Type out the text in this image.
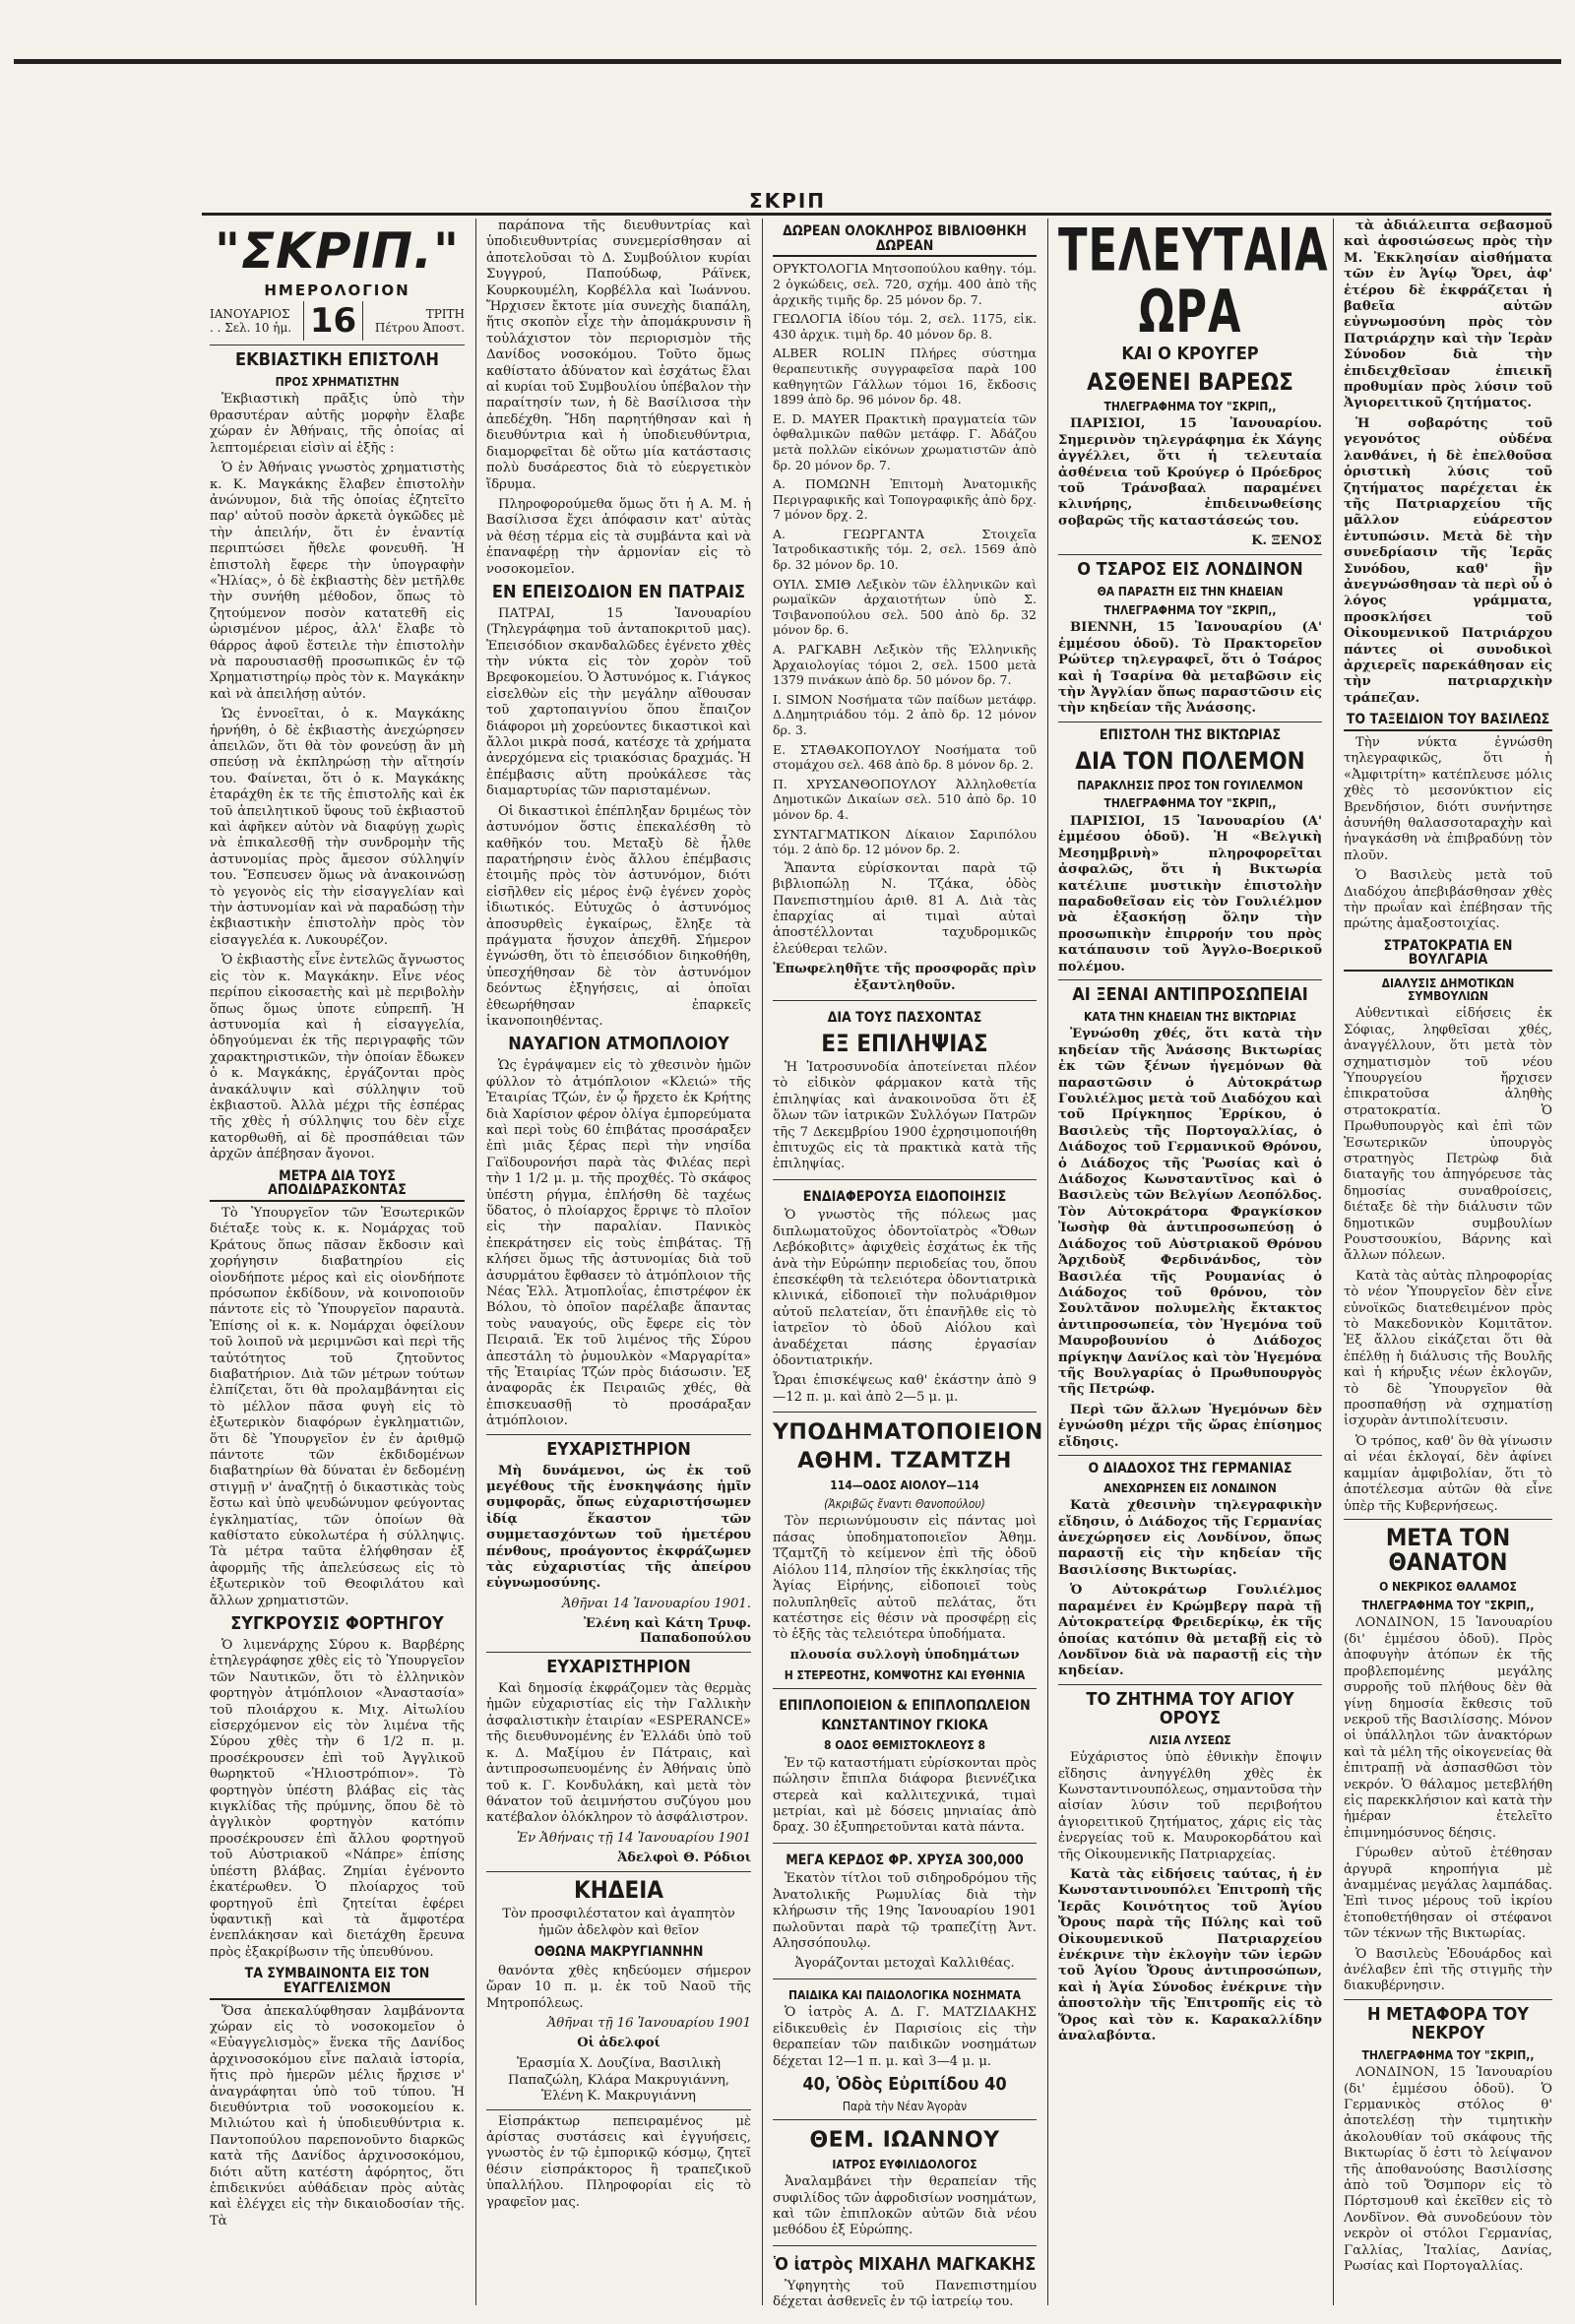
ΣΚΡΙΠ
"ΣΚΡΙΠ."
ΗΜΕΡΟΛΟΓΙΟΝ
ΙΑΝΟΥΑΡΙΟΣ
. . Σελ. 10 ἡμ. 16	ΤΡΙΤΗ
Πέτρου Ἀποστ.
ΕΚΒΙΑΣΤΙΚΗ ΕΠΙΣΤΟΛΗ
ΠΡΟΣ ΧΡΗΜΑΤΙΣΤΗΝ

Ἐκβιαστικὴ πρᾶξις ὑπὸ τὴν θρασυτέραν αὐτῆς μορφὴν ἔλαβε χώραν ἐν Ἀθήναις, τῆς ὁποίας αἱ λεπτομέρειαι εἰσὶν αἱ ἑξῆς :

Ὁ ἐν Ἀθήναις γνωστὸς χρηματιστὴς κ. Κ. Μαγκάκης ἔλαβεν ἐπιστολὴν ἀνώνυμον, διὰ τῆς ὁποίας ἐζητεῖτο παρ' αὐτοῦ ποσὸν ἀρκετὰ ὀγκῶδες μὲ τὴν ἀπειλήν, ὅτι ἐν ἐναντίᾳ περιπτώσει ἤθελε φονευθῆ. Ἡ ἐπιστολὴ ἔφερε τὴν ὑπογραφὴν «Ἠλίας», ὁ δὲ ἐκβιαστὴς δὲν μετῆλθε τὴν συνήθη μέθοδον, ὅπως τὸ ζητούμενον ποσὸν κατατεθῆ εἰς ὡρισμένον μέρος, ἀλλ' ἔλαβε τὸ θάρρος ἀφοῦ ἔστειλε τὴν ἐπιστολὴν νὰ παρουσιασθῇ προσωπικῶς ἐν τῷ Χρηματιστηρίῳ πρὸς τὸν κ. Μαγκάκην καὶ νὰ ἀπειλήσῃ αὐτόν.

Ὡς ἐννοεῖται, ὁ κ. Μαγκάκης ἠρνήθη, ὁ δὲ ἐκβιαστὴς ἀνεχώρησεν ἀπειλῶν, ὅτι θὰ τὸν φονεύσῃ ἂν μὴ σπεύσῃ νὰ ἐκπληρώσῃ τὴν αἴτησίν του. Φαίνεται, ὅτι ὁ κ. Μαγκάκης ἐταράχθη ἐκ τε τῆς ἐπιστολῆς καὶ ἐκ τοῦ ἀπειλητικοῦ ὕφους τοῦ ἐκβιαστοῦ καὶ ἀφῆκεν αὐτὸν νὰ διαφύγῃ χωρὶς νὰ ἐπικαλεσθῇ τὴν συνδρομὴν τῆς ἀστυνομίας πρὸς ἄμεσον σύλληψίν του. Ἔσπευσεν ὅμως νὰ ἀνακοινώσῃ τὸ γεγονὸς εἰς τὴν εἰσαγγελίαν καὶ τὴν ἀστυνομίαν καὶ νὰ παραδώσῃ τὴν ἐκβιαστικὴν ἐπιστολὴν πρὸς τὸν εἰσαγγελέα κ. Λυκουρέζον.

Ὁ ἐκβιαστὴς εἶνε ἐντελῶς ἄγνωστος εἰς τὸν κ. Μαγκάκην. Εἶνε νέος περίπου εἰκοσαετὴς καὶ μὲ περιβολὴν ὅπως ὅμως ὑποτε εὐπρεπῆ. Ἡ ἀστυνομία καὶ ἡ εἰσαγγελία, ὁδηγούμεναι ἐκ τῆς περιγραφῆς τῶν χαρακτηριστικῶν, τὴν ὁποίαν ἔδωκεν ὁ κ. Μαγκάκης, ἐργάζονται πρὸς ἀνακάλυψιν καὶ σύλληψιν τοῦ ἐκβιαστοῦ. Ἀλλὰ μέχρι τῆς ἑσπέρας τῆς χθὲς ἡ σύλληψις του δὲν εἶχε κατορθωθῆ, αἱ δὲ προσπάθειαι τῶν ἀρχῶν ἀπέβησαν ἄγονοι.

ΜΕΤΡΑ ΔΙΑ ΤΟΥΣ ΑΠΟΔΙΔΡΑΣΚΟΝΤΑΣ

Τὸ Ὑπουργεῖον τῶν Ἐσωτερικῶν διέταξε τοὺς κ. κ. Νομάρχας τοῦ Κράτους ὅπως πᾶσαν ἔκδοσιν καὶ χορήγησιν διαβατηρίου εἰς οἱονδήποτε μέρος καὶ εἰς οἱονδήποτε πρόσωπον ἐκδίδουν, νὰ κοινοποιοῦν πάντοτε εἰς τὸ Ὑπουργεῖον παραυτὰ. Ἐπίσης οἱ κ. κ. Νομάρχαι ὀφείλουν τοῦ λοιποῦ νὰ μεριμνῶσι καὶ περὶ τῆς ταὐτότητος τοῦ ζητοῦντος διαβατήριον. Διὰ τῶν μέτρων τούτων ἐλπίζεται, ὅτι θὰ προλαμβάνηται εἰς τὸ μέλλον πᾶσα φυγὴ εἰς τὸ ἐξωτερικὸν διαφόρων ἐγκληματιῶν, ὅτι δὲ Ὑπουργεῖον ἐν ἐν ἀριθμῷ πάντοτε τῶν ἐκδιδομένων διαβατηρίων θὰ δύναται ἐν δεδομένῃ στιγμῇ ν' ἀναζητῇ ὁ δικαστικὰς τοὺς ἔστω καὶ ὑπὸ ψευδώνυμον φεύγοντας ἐγκληματίας, τῶν ὁποίων θὰ καθίστατο εὐκολωτέρα ἡ σύλληψις. Τὰ μέτρα ταῦτα ἐλήφθησαν ἐξ ἀφορμῆς τῆς ἀπελεύσεως εἰς τὸ ἐξωτερικὸν τοῦ Θεοφιλάτου καὶ ἄλλων χρηματιστῶν.

ΣΥΓΚΡΟΥΣΙΣ ΦΟΡΤΗΓΟΥ

Ὁ λιμενάρχης Σύρου κ. Βαρβέρης ἐτηλεγράφησε χθὲς εἰς τὸ Ὑπουργεῖον τῶν Ναυτικῶν, ὅτι τὸ ἑλληνικὸν φορτηγὸν ἀτμόπλοιον «Ἀναστασία» τοῦ πλοιάρχου κ. Μιχ. Αἰτωλίου εἰσερχόμενον εἰς τὸν λιμένα τῆς Σύρου χθὲς τὴν 6 1/2 π. μ. προσέκρουσεν ἐπὶ τοῦ Ἀγγλικοῦ θωρηκτοῦ «Ἠλιοστρόπιον». Τὸ φορτηγὸν ὑπέστη βλάβας εἰς τὰς κιγκλίδας τῆς πρύμνης, ὅπου δὲ τὸ ἀγγλικὸν φορτηγὸν κατόπιν προσέκρουσεν ἐπὶ ἄλλου φορτηγοῦ τοῦ Αὐστριακοῦ «Νάπρε» ἐπίσης ὑπέστη βλάβας. Ζημίαι ἐγένοντο ἑκατέρωθεν. Ὁ πλοίαρχος τοῦ φορτηγοῦ ἐπὶ ζητείται ἐφέρει ὑφαντικῇ καὶ τὰ ἄμφοτέρα ἐνεπλάκησαν καὶ διετάχθη ἔρευνα πρὸς ἐξακρίβωσιν τῆς ὑπευθύνου.

ΤΑ ΣΥΜΒΑΙΝΟΝΤΑ ΕΙΣ ΤΟΝ ΕΥΑΓΓΕΛΙΣΜΟΝ

Ὅσα ἀπεκαλύφθησαν λαμβάνοντα χώραν εἰς τὸ νοσοκομεῖον ὁ «Εὐαγγελισμὸς» ἕνεκα τῆς Δανίδος ἀρχινοσοκόμου εἶνε παλαιὰ ἱστορία, ἥτις πρὸ ἡμερῶν μέλις ἤρχισε ν' ἀναγράφηται ὑπὸ τοῦ τύπου. Ἡ διευθύντρια τοῦ νοσοκομείου κ. Μιλιώτου καὶ ἡ ὑποδιευθύντρια κ. Παντοπούλου παρεπονοῦντο διαρκῶς κατὰ τῆς Δανίδος ἀρχινοσοκόμου, διότι αὕτη κατέστη ἀφόρητος, ὅτι ἐπιδεικνύει αὐθάδειαν πρὸς αὐτὰς καὶ ἐλέγχει εἰς τὴν δικαιοδοσίαν τῆς. Τὰ

παράπονα τῆς διευθυντρίας καὶ ὑποδιευθυντρίας συνεμερίσθησαν αἱ ἀποτελοῦσαι τὸ Δ. Συμβούλιον κυρίαι Συγγρού, Παπούδωφ, Ράϊνεκ, Κουρκουμέλη, Κορβέλλα καὶ Ἰωάννου. Ἤρχισεν ἔκτοτε μία συνεχὴς διαπάλη, ἥτις σκοπὸν εἶχε τὴν ἀπομάκρυνσιν ἢ τοὐλάχιστον τὸν περιορισμὸν τῆς Δανίδος νοσοκόμου. Τοῦτο ὅμως καθίστατο ἀδύνατον καὶ ἐσχάτως ἔλαι αἱ κυρίαι τοῦ Συμβουλίου ὑπέβαλον τὴν παραίτησίν των, ἡ δὲ Βασίλισσα τὴν ἀπεδέχθη. Ἤδη παρητήθησαν καὶ ἡ διευθύντρια καὶ ἡ ὑποδιευθύντρια, διαμορφεῖται δὲ οὕτω μία κατάστασις πολὺ δυσάρεστος διὰ τὸ εὐεργετικὸν ἵδρυμα.

Πληροφορούμεθα ὅμως ὅτι ἡ Α. Μ. ἡ Βασίλισσα ἔχει ἀπόφασιν κατ' αὐτὰς νὰ θέσῃ τέρμα εἰς τὰ συμβάντα καὶ νὰ ἐπαναφέρῃ τὴν ἁρμονίαν εἰς τὸ νοσοκομεῖον.

ΕΝ ΕΠΕΙΣΟΔΙΟΝ ΕΝ ΠΑΤΡΑΙΣ

ΠΑΤΡΑΙ, 15 Ἰανουαρίου (Τηλεγράφημα τοῦ ἀνταποκριτοῦ μας). Ἐπεισόδιον σκανδαλῶδες ἐγένετο χθὲς τὴν νύκτα εἰς τὸν χορὸν τοῦ Βρεφοκομείου. Ὁ Ἀστυνόμος κ. Γιάγκος εἰσελθὼν εἰς τὴν μεγάλην αἴθουσαν τοῦ χαρτοπαιγνίου ὅπου ἔπαιζον διάφοροι μὴ χορεύοντες δικαστικοὶ καὶ ἄλλοι μικρὰ ποσά, κατέσχε τὰ χρήματα ἀνερχόμενα εἰς τριακόσιας δραχμάς. Ἡ ἐπέμβασις αὕτη προὐκάλεσε τὰς διαμαρτυρίας τῶν παρισταμένων.

Οἱ δικαστικοὶ ἐπέπληξαν δριμέως τὸν ἀστυνόμον ὅστις ἐπεκαλέσθη τὸ καθῆκόν του. Μεταξὺ δὲ ἦλθε παρατήρησιν ἐνὸς ἄλλου ἐπέμβασις ἐτοιμῆς πρὸς τὸν ἀστυνόμον, διότι εἰσῆλθεν εἰς μέρος ἐνῷ ἐγένεν χορὸς ἰδιωτικός. Εὐτυχῶς ὁ ἀστυνόμος ἀποσυρθεὶς ἐγκαίρως, ἔληξε τὰ πράγματα ἥσυχον ἀπεχθῆ. Σήμερον ἐγνώσθη, ὅτι τὸ ἐπεισόδιον διηκοθήθη, ὑπεσχήθησαν δὲ τὸν ἀστυνόμον δεόντως ἐξηγήσεις, αἱ ὁποῖαι ἐθεωρήθησαν ἐπαρκεῖς ἱκανοποιηθέντας.

ΝΑΥΑΓΙΟΝ ΑΤΜΟΠΛΟΙΟΥ

Ὡς ἐγράψαμεν εἰς τὸ χθεσινὸν ἡμῶν φύλλον τὸ ἀτμόπλοιον «Κλειώ» τῆς Ἑταιρίας Τζών, ἐν ᾧ ἤρχετο ἐκ Κρήτης διὰ Χαρίσιον φέρον ὀλίγα ἐμπορεύματα καὶ περὶ τοὺς 60 ἐπιβάτας προσάραξεν ἐπὶ μιᾶς ξέρας περὶ τὴν νησίδα Γαϊδουρονήσι παρὰ τὰς Φιλέας περὶ τὴν 1 1/2 μ. μ. τῆς προχθές. Τὸ σκάφος ὑπέστη ρήγμα, ἐπλήσθη δὲ ταχέως ὕδατος, ὁ πλοίαρχος ἔρριψε τὸ πλοῖον εἰς τὴν παραλίαν. Πανικὸς ἐπεκράτησεν εἰς τοὺς ἐπιβάτας. Τῇ κλήσει ὅμως τῆς ἀστυνομίας διὰ τοῦ ἀσυρμάτου ἔφθασεν τὸ ἀτμόπλοιον τῆς Νέας Ἑλλ. Ἀτμοπλοΐας, ἐπιστρέφον ἐκ Βόλου, τὸ ὁποῖον παρέλαβε ἅπαντας τοὺς ναυαγούς, οὓς ἔφερε εἰς τὸν Πειραιᾶ. Ἐκ τοῦ λιμένος τῆς Σύρου ἀπεστάλη τὸ ῥυμουλκὸν «Μαργαρίτα» τῆς Ἑταιρίας Τζών πρὸς διάσωσιν. Ἐξ ἀναφορᾶς ἐκ Πειραιῶς χθές, θὰ ἐπισκευασθῇ τὸ προσάραξαν ἀτμόπλοιον.

ΕΥΧΑΡΙΣΤΗΡΙΟΝ

Μὴ δυνάμενοι, ὡς ἐκ τοῦ μεγέθους τῆς ἐνσκηψάσης ἡμῖν συμφορᾶς, ὅπως εὐχαριστήσωμεν ἰδίᾳ ἕκαστον τῶν συμμετασχόντων τοῦ ἡμετέρου πένθους, προάγοντος ἐκφράζωμεν τὰς εὐχαριστίας τῆς ἀπείρου εὐγνωμοσύνης.

Ἀθῆναι 14 Ἰανουαρίου 1901.

Ἑλένη καὶ Κάτη Τρυφ. Παπαδοπούλου
ΕΥΧΑΡΙΣΤΗΡΙΟΝ

Καὶ δημοσίᾳ ἐκφράζομεν τὰς θερμὰς ἡμῶν εὐχαριστίας εἰς τὴν Γαλλικὴν ἀσφαλιστικὴν ἑταιρίαν «ESPERANCE» τῆς διευθυνομένης ἐν Ἑλλάδι ὑπὸ τοῦ κ. Δ. Μαξίμου ἐν Πάτραις, καὶ ἀντιπροσωπευομένης ἐν Ἀθήναις ὑπὸ τοῦ κ. Γ. Κονδυλάκη, καὶ μετὰ τὸν θάνατον τοῦ ἀειμνήστου συζύγου μου κατέβαλον ὁλόκληρον τὸ ἀσφάλιστρον.

Ἐν Ἀθήναις τῇ 14 Ἰανουαρίου 1901

Ἀδελφοὶ Θ. Ρόδιοι
ΚΗΔΕΙΑ

Τὸν προσφιλέστατον καὶ ἀγαπητὸν ἡμῶν ἀδελφὸν καὶ θεῖον

ΟΘΩΝΑ ΜΑΚΡΥΓΙΑΝΝΗΝ

θανόντα χθὲς κηδεύομεν σήμερον ὥραν 10 π. μ. ἐκ τοῦ Ναοῦ τῆς Μητροπόλεως.

Ἀθῆναι τῇ 16 Ἰανουαρίου 1901

Οἱ ἀδελφοί

Ἐρασμία Χ. Δουζίνα, Βασιλικὴ Παπαζώλη, Κλάρα Μακρυγιάννη, Ἑλένη Κ. Μακρυγιάννη

Εἰσπράκτωρ πεπειραμένος μὲ ἀρίστας συστάσεις καὶ ἐγγυήσεις, γνωστὸς ἐν τῷ ἐμπορικῷ κόσμῳ, ζητεῖ θέσιν εἰσπράκτορος ἢ τραπεζικοῦ ὑπαλλήλου. Πληροφορίαι εἰς τὸ γραφεῖον μας.

ΔΩΡΕΑΝ ΟΛΟΚΛΗΡΟΣ ΒΙΒΛΙΟΘΗΚΗ ΔΩΡΕΑΝ

ΟΡΥΚΤΟΛΟΓΙΑ Μητσοπούλου καθηγ. τόμ. 2 ὀγκώδεις, σελ. 720, σχήμ. 400 ἀπὸ τῆς ἀρχικῆς τιμῆς δρ. 25 μόνον δρ. 7.

ΓΕΩΛΟΓΙΑ ἰδίου τόμ. 2, σελ. 1175, εἰκ. 430 ἀρχικ. τιμὴ δρ. 40 μόνον δρ. 8.

ALBER ROLIN Πλήρες σύστημα θεραπευτικῆς συγγραφεῖσα παρὰ 100 καθηγητῶν Γάλλων τόμοι 16, ἔκδοσις 1899 ἀπὸ δρ. 96 μόνον δρ. 48.

E. D. MAYER Πρακτικὴ πραγματεία τῶν ὀφθαλμικῶν παθῶν μετάφρ. Γ. Ἀδάζου μετὰ πολλῶν εἰκόνων χρωματιστῶν ἀπὸ δρ. 20 μόνον δρ. 7.

Α. ΠΟΜΩΝΗ Ἐπιτομὴ Ἀνατομικῆς Περιγραφικῆς καὶ Τοπογραφικῆς ἀπὸ δρχ. 7 μόνον δρχ. 2.

Α. ΓΕΩΡΓΑΝΤΑ Στοιχεῖα Ἰατροδικαστικῆς τόμ. 2, σελ. 1569 ἀπὸ δρ. 32 μόνον δρ. 10.

ΟΥΙΛ. ΣΜΙΘ Λεξικὸν τῶν ἑλληνικῶν καὶ ρωμαϊκῶν ἀρχαιοτήτων ὑπὸ Σ. Τσιβανοπούλου σελ. 500 ἀπὸ δρ. 32 μόνον δρ. 6.

Α. ΡΑΓΚΑΒΗ Λεξικὸν τῆς Ἑλληνικῆς Ἀρχαιολογίας τόμοι 2, σελ. 1500 μετὰ 1379 πινάκων ἀπὸ δρ. 50 μόνον δρ. 7.

I. SIMON Νοσήματα τῶν παίδων μετάφρ. Δ.Δημητριάδου τόμ. 2 ἀπὸ δρ. 12 μόνον δρ. 3.

Ε. ΣΤΑΘΑΚΟΠΟΥΛΟΥ Νοσήματα τοῦ στομάχου σελ. 468 ἀπὸ δρ. 8 μόνον δρ. 2.

Π. ΧΡΥΣΑΝΘΟΠΟΥΛΟΥ Ἀλληλοθετία Δημοτικῶν Δικαίων σελ. 510 ἀπὸ δρ. 10 μόνον δρ. 4.

ΣΥΝΤΑΓΜΑΤΙΚΟΝ Δίκαιον Σαριπόλου τόμ. 2 ἀπὸ δρ. 12 μόνον δρ. 2.

Ἅπαντα εὑρίσκονται παρὰ τῷ βιβλιοπώλῃ Ν. Τζάκα, ὁδὸς Πανεπιστημίου ἀριθ. 81 Α. Διὰ τὰς ἐπαρχίας αἱ τιμαὶ αὐταὶ ἀποστέλλονται ταχυδρομικῶς ἐλεύθεραι τελῶν.

Ἐπωφεληθῆτε τῆς προσφορᾶς πρὶν ἐξαντληθοῦν.

ΔΙΑ ΤΟΥΣ ΠΑΣΧΟΝΤΑΣ
ΕΞ ΕΠΙΛΗΨΙΑΣ

Ἡ Ἰατροσυνοδία ἀποτείνεται πλέον τὸ εἰδικὸν φάρμακον κατὰ τῆς ἐπιληψίας καὶ ἀνακοινοῦσα ὅτι ἐξ ὅλων τῶν ἰατρικῶν Συλλόγων Πατρῶν τῆς 7 Δεκεμβρίου 1900 ἐχρησιμοποιήθη ἐπιτυχῶς εἰς τὰ πρακτικὰ κατὰ τῆς ἐπιληψίας.

ΕΝΔΙΑΦΕΡΟΥΣΑ ΕΙΔΟΠΟΙΗΣΙΣ

Ὁ γνωστὸς τῆς πόλεως μας διπλωματοῦχος ὀδοντοϊατρὸς «Ὄθων Λεβόκοβιτς» ἀφιχθεὶς ἐσχάτως ἐκ τῆς ἀνὰ τὴν Εὐρώπην περιοδείας του, ὅπου ἐπεσκέφθη τὰ τελειότερα ὀδοντιατρικὰ κλινικά, εἰδοποιεῖ τὴν πολυάριθμον αὐτοῦ πελατείαν, ὅτι ἐπανῆλθε εἰς τὸ ἰατρεῖον τὸ ὁδοῦ Αἰόλου καὶ ἀναδέχεται πάσης ἐργασίαν ὀδοντιατρικήν.

Ὧραι ἐπισκέψεως καθ' ἑκάστην ἀπὸ 9—12 π. μ. καὶ ἀπὸ 2—5 μ. μ.

ΥΠΟΔΗΜΑΤΟΠΟΙΕΙΟΝ
ΑΘΗΜ. ΤΖΑΜΤΖΗ
114—ΟΔΟΣ ΑΙΟΛΟΥ—114
(Ἀκριβῶς ἔναντι Θανοπούλου)

Τὸν περιωνύμουσιν εἰς πάντας μοὶ πάσας ὑποδηματοποιεῖον Ἀθημ. Τζαμτζῆ τὸ κείμενον ἐπὶ τῆς ὁδοῦ Αἰόλου 114, πλησίον τῆς ἐκκλησίας τῆς Ἁγίας Εἰρήνης, εἰδοποιεῖ τοὺς πολυπληθεῖς αὐτοῦ πελάτας, ὅτι κατέστησε εἰς θέσιν νὰ προσφέρῃ εἰς τὸ ἐξῆς τὰς τελειότερα ὑποδήματα.

πλουσία συλλογὴ ὑποδημάτων

Η ΣΤΕΡΕΟΤΗΣ, ΚΟΜΨΟΤΗΣ ΚΑΙ ΕΥΘΗΝΙΑ
ΕΠΙΠΛΟΠΟΙΕΙΟΝ & ΕΠΙΠΛΟΠΩΛΕΙΟΝ
ΚΩΝΣΤΑΝΤΙΝΟΥ ΓΚΙΟΚΑ
8 ΟΔΟΣ ΘΕΜΙΣΤΟΚΛΕΟΥΣ 8

Ἐν τῷ καταστήματι εὑρίσκονται πρὸς πώλησιν ἔπιπλα διάφορα βιεννέζικα στερεὰ καὶ καλλιτεχνικά, τιμαὶ μετρίαι, καὶ μὲ δόσεις μηνιαίας ἀπὸ δραχ. 30 ἐξυπηρετοῦνται κατὰ πάντα.

ΜΕΓΑ ΚΕΡΔΟΣ ΦΡ. ΧΡΥΣΑ 300,000

Ἑκατὸν τίτλοι τοῦ σιδηροδρόμου τῆς Ἀνατολικῆς Ρωμυλίας διὰ τὴν κλήρωσιν τῆς 19ης Ἰανουαρίου 1901 πωλοῦνται παρὰ τῷ τραπεζίτῃ Ἀντ. Αλησσόπουλῳ.

Ἀγοράζονται μετοχαὶ Καλλιθέας.

ΠΑΙΔΙΚΑ ΚΑΙ ΠΑΙΔΟΛΟΓΙΚΑ ΝΟΣΗΜΑΤΑ

Ὁ ἰατρὸς Α. Δ. Γ. ΜΑΤΖΙΔΑΚΗΣ εἰδικευθεὶς ἐν Παρισίοις εἰς τὴν θεραπείαν τῶν παιδικῶν νοσημάτων δέχεται 12—1 π. μ. καὶ 3—4 μ. μ.

40, Ὁδὸς Εὐριπίδου 40
Παρὰ τὴν Νέαν Ἀγορὰν
ΘΕΜ. ΙΩΑΝΝΟΥ
ΙΑΤΡΟΣ ΕΥΦΙΛΙΔΟΛΟΓΟΣ

Ἀναλαμβάνει τὴν θεραπείαν τῆς συφιλίδος τῶν ἀφροδισίων νοσημάτων, καὶ τῶν ἐπιπλοκῶν αὐτῶν διὰ νέου μεθόδου ἐξ Εὐρώπης.

Ὁ ἰατρὸς ΜΙΧΑΗΛ ΜΑΓΚΑΚΗΣ

Ὑφηγητὴς τοῦ Πανεπιστημίου δέχεται ἀσθενεῖς ἐν τῷ ἰατρείῳ του.

ΤΕΛΕΥΤΑΙΑ ΩΡΑ
ΚΑΙ Ο ΚΡΟΥΓΕΡ
ΑΣΘΕΝΕΙ ΒΑΡΕΩΣ
ΤΗΛΕΓΡΑΦΗΜΑ ΤΟΥ "ΣΚΡΙΠ,,

ΠΑΡΙΣΙΟΙ, 15 Ἰανουαρίου. Σημερινὸν τηλεγράφημα ἐκ Χάγης ἀγγέλλει, ὅτι ἡ τελευταία ἀσθένεια τοῦ Κρούγερ ὁ Πρόεδρος τοῦ Τράνσβααλ παραμένει κλινήρης, ἐπιδεινωθείσης σοβαρῶς τῆς καταστάσεώς του.

Κ. ΞΕΝΟΣ
Ο ΤΣΑΡΟΣ ΕΙΣ ΛΟΝΔΙΝΟΝ
ΘΑ ΠΑΡΑΣΤΗ ΕΙΣ ΤΗΝ ΚΗΔΕΙΑΝ
ΤΗΛΕΓΡΑΦΗΜΑ ΤΟΥ "ΣΚΡΙΠ,,

ΒΙΕΝΝΗ, 15 Ἰανουαρίου (Α' ἐμμέσου ὁδοῦ). Τὸ Πρακτορεῖον Ρώϋτερ τηλεγραφεῖ, ὅτι ὁ Τσάρος καὶ ἡ Τσαρίνα θὰ μεταβῶσιν εἰς τὴν Ἀγγλίαν ὅπως παραστῶσιν εἰς τὴν κηδείαν τῆς Ἀνάσσης.

ΕΠΙΣΤΟΛΗ ΤΗΣ ΒΙΚΤΩΡΙΑΣ
ΔΙΑ ΤΟΝ ΠΟΛΕΜΟΝ
ΠΑΡΑΚΛΗΣΙΣ ΠΡΟΣ ΤΟΝ ΓΟΥΙΛΕΛΜΟΝ
ΤΗΛΕΓΡΑΦΗΜΑ ΤΟΥ "ΣΚΡΙΠ,,

ΠΑΡΙΣΙΟΙ, 15 Ἰανουαρίου (Α' ἐμμέσου ὁδοῦ). Ἡ «Βελγικὴ Μεσημβρινὴ» πληροφορεῖται ἀσφαλῶς, ὅτι ἡ Βικτωρία κατέλιπε μυστικὴν ἐπιστολὴν παραδοθεῖσαν εἰς τὸν Γουλιέλμον νὰ ἐξασκήσῃ ὅλην τὴν προσωπικὴν ἐπιρροήν του πρὸς κατάπαυσιν τοῦ Ἀγγλο-Βοερικοῦ πολέμου.

ΑΙ ΞΕΝΑΙ ΑΝΤΙΠΡΟΣΩΠΕΙΑΙ
ΚΑΤΑ ΤΗΝ ΚΗΔΕΙΑΝ ΤΗΣ ΒΙΚΤΩΡΙΑΣ

Ἐγνώσθη χθές, ὅτι κατὰ τὴν κηδείαν τῆς Ἀνάσσης Βικτωρίας ἐκ τῶν ξένων ἡγεμόνων θὰ παραστῶσιν ὁ Αὐτοκράτωρ Γουλιέλμος μετὰ τοῦ Διαδόχου καὶ τοῦ Πρίγκηπος Ἐρρίκου, ὁ Βασιλεὺς τῆς Πορτογαλλίας, ὁ Διάδοχος τοῦ Γερμανικοῦ Θρόνου, ὁ Διάδοχος τῆς Ῥωσίας καὶ ὁ Διάδοχος Κωνσταντῖνος καὶ ὁ Βασιλεὺς τῶν Βελγίων Λεοπόλδος. Τὸν Αὐτοκράτορα Φραγκίσκον Ἰωσὴφ θὰ ἀντιπροσωπεύσῃ ὁ Διάδοχος τοῦ Αὐστριακοῦ Θρόνου Ἀρχιδοὺξ Φερδινάνδος, τὸν Βασιλέα τῆς Ρουμανίας ὁ Διάδοχος τοῦ θρόνου, τὸν Σουλτᾶνον πολυμελὴς ἔκτακτος ἀντιπροσωπεία, τὸν Ἡγεμόνα τοῦ Μαυροβουνίου ὁ Διάδοχος πρίγκηψ Δανίλος καὶ τὸν Ἡγεμόνα τῆς Βουλγαρίας ὁ Πρωθυπουργὸς τῆς Πετρώφ.

Περὶ τῶν ἄλλων Ἡγεμόνων δὲν ἐγνώσθη μέχρι τῆς ὥρας ἐπίσημος εἴδησις.

Ο ΔΙΑΔΟΧΟΣ ΤΗΣ ΓΕΡΜΑΝΙΑΣ
ΑΝΕΧΩΡΗΣΕΝ ΕΙΣ ΛΟΝΔΙΝΟΝ

Κατὰ χθεσινὴν τηλεγραφικὴν εἴδησιν, ὁ Διάδοχος τῆς Γερμανίας ἀνεχώρησεν εἰς Λονδίνον, ὅπως παραστῇ εἰς τὴν κηδείαν τῆς Βασιλίσσης Βικτωρίας.

Ὁ Αὐτοκράτωρ Γουλιέλμος παραμένει ἐν Κρώμβεργ παρὰ τῇ Αὐτοκρατείρᾳ Φρειδερίκῳ, ἐκ τῆς ὁποίας κατόπιν θὰ μεταβῇ εἰς τὸ Λονδῖνον διὰ νὰ παραστῇ εἰς τὴν κηδείαν.

ΤΟ ΖΗΤΗΜΑ ΤΟΥ ΑΓΙΟΥ ΟΡΟΥΣ
ΛΙΣΙΑ ΛΥΣΕΩΣ

Εὐχάριστος ὑπὸ ἐθνικὴν ἔποψιν εἴδησις ἀνηγγέλθη χθὲς ἐκ Κωνσταντινουπόλεως, σημαντοῦσα τὴν αἰσίαν λύσιν τοῦ περιβοήτου ἁγιορειτικοῦ ζητήματος, χάρις εἰς τὰς ἐνεργείας τοῦ κ. Μαυροκορδάτου καὶ τῆς Οἰκουμενικῆς Πατριαρχείας.

Κατὰ τὰς εἰδήσεις ταύτας, ἡ ἐν Κωνσταντινουπόλει Ἐπιτροπὴ τῆς Ἱερᾶς Κοινότητος τοῦ Ἁγίου Ὄρους παρὰ τῆς Πύλης καὶ τοῦ Οἰκουμενικοῦ Πατριαρχείου ἐνέκρινε τὴν ἐκλογὴν τῶν ἱερῶν τοῦ Ἁγίου Ὄρους ἀντιπροσώπων, καὶ ἡ Ἁγία Σύνοδος ἐνέκρινε τὴν ἀποστολὴν τῆς Ἐπιτροπῆς εἰς τὸ Ὅρος καὶ τὸν κ. Καρακαλλίδην ἀναλαβόντα.

τὰ ἀδιάλειπτα σεβασμοῦ καὶ ἀφοσιώσεως πρὸς τὴν Μ. Ἐκκλησίαν αἰσθήματα τῶν ἐν Ἁγίῳ Ὄρει, ἀφ' ἑτέρου δὲ ἐκφράζεται ἡ βαθεῖα αὐτῶν εὐγνωμοσύνη πρὸς τὸν Πατριάρχην καὶ τὴν Ἱερὰν Σύνοδον διὰ τὴν ἐπιδειχθεῖσαν ἐπιεικῆ προθυμίαν πρὸς λύσιν τοῦ Ἀγιορειτικοῦ ζητήματος.

Ἡ σοβαρότης τοῦ γεγονότος οὐδένα λανθάνει, ἡ δὲ ἐπελθοῦσα ὁριστικὴ λύσις τοῦ ζητήματος παρέχεται ἐκ τῆς Πατριαρχείου τῆς μᾶλλον εὐάρεστον ἐντυπώσιν. Μετὰ δὲ τὴν συνεδρίασιν τῆς Ἱερᾶς Συνόδου, καθ' ἣν ἀνεγνώσθησαν τὰ περὶ οὗ ὁ λόγος γράμματα, προσκλήσει τοῦ Οἰκουμενικοῦ Πατριάρχου πάντες οἱ συνοδικοὶ ἀρχιερεῖς παρεκάθησαν εἰς τὴν πατριαρχικὴν τράπεζαν.

ΤΟ ΤΑΞΕΙΔΙΟΝ ΤΟΥ ΒΑΣΙΛΕΩΣ

Τὴν νύκτα ἐγνώσθη τηλεγραφικῶς, ὅτι ἡ «Ἀμφιτρίτη» κατέπλευσε μόλις χθὲς τὸ μεσονύκτιον εἰς Βρενδήσιον, διότι συνήντησε ἀσυνήθη θαλασσοταραχὴν καὶ ἠναγκάσθη νὰ ἐπιβραδύνῃ τὸν πλοῦν.

Ὁ Βασιλεὺς μετὰ τοῦ Διαδόχου ἀπεβιβάσθησαν χθὲς τὴν πρωΐαν καὶ ἐπέβησαν τῆς πρώτης ἁμαξοστοιχίας.

ΣΤΡΑΤΟΚΡΑΤΙΑ ΕΝ ΒΟΥΛΓΑΡΙΑ
ΔΙΑΛΥΣΙΣ ΔΗΜΟΤΙΚΩΝ ΣΥΜΒΟΥΛΙΩΝ

Αὐθεντικαὶ εἰδήσεις ἐκ Σόφιας, ληφθεῖσαι χθές, ἀναγγέλλουν, ὅτι μετὰ τὸν σχηματισμὸν τοῦ νέου Ὑπουργείου ἤρχισεν ἐπικρατοῦσα ἀληθὴς στρατοκρατία. Ὁ Πρωθυπουργὸς καὶ ἐπὶ τῶν Ἐσωτερικῶν ὑπουργὸς στρατηγὸς Πετρὼφ διὰ διαταγῆς του ἀπηγόρευσε τὰς δημοσίας συναθροίσεις, διέταξε δὲ τὴν διάλυσιν τῶν δημοτικῶν συμβουλίων Ρουστσουκίου, Βάρνης καὶ ἄλλων πόλεων.

Κατὰ τὰς αὐτὰς πληροφορίας τὸ νέον Ὑπουργεῖον δὲν εἶνε εὐνοϊκῶς διατεθειμένον πρὸς τὸ Μακεδονικὸν Κομιτᾶτον. Ἐξ ἄλλου εἰκάζεται ὅτι θὰ ἐπέλθῃ ἡ διάλυσις τῆς Βουλῆς καὶ ἡ κήρυξις νέων ἐκλογῶν, τὸ δὲ Ὑπουργεῖον θὰ προσπαθήσῃ νὰ σχηματίσῃ ἰσχυρὰν ἀντιπολίτευσιν.

Ὁ τρόπος, καθ' ὃν θὰ γίνωσιν αἱ νέαι ἐκλογαί, δὲν ἀφίνει καμμίαν ἀμφιβολίαν, ὅτι τὸ ἀποτέλεσμα αὐτῶν θὰ εἶνε ὑπὲρ τῆς Κυβερνήσεως.

ΜΕΤΑ ΤΟΝ ΘΑΝΑΤΟΝ
Ο ΝΕΚΡΙΚΟΣ ΘΑΛΑΜΟΣ
ΤΗΛΕΓΡΑΦΗΜΑ ΤΟΥ "ΣΚΡΙΠ,,

ΛΟΝΔΙΝΟΝ, 15 Ἰανουαρίου (δι' ἐμμέσου ὁδοῦ). Πρὸς ἀποφυγὴν ἀτόπων ἐκ τῆς προβλεπομένης μεγάλης συρροῆς τοῦ πλήθους δὲν θὰ γίνῃ δημοσία ἔκθεσις τοῦ νεκροῦ τῆς Βασιλίσσης. Μόνον οἱ ὑπάλληλοι τῶν ἀνακτόρων καὶ τὰ μέλη τῆς οἰκογενείας θὰ ἐπιτραπῇ νὰ ἀσπασθῶσι τὸν νεκρόν. Ὁ θάλαμος μετεβλήθη εἰς παρεκκλήσιον καὶ κατὰ τὴν ἡμέραν ἐτελεῖτο ἐπιμνημόσυνος δέησις.

Γύρωθεν αὐτοῦ ἐτέθησαν ἀργυρᾶ κηροπήγια μὲ ἀναμμένας μεγάλας λαμπάδας. Ἐπὶ τινος μέρους τοῦ ἱκρίου ἐτοποθετήθησαν οἱ στέφανοι τῶν τέκνων τῆς Βικτωρίας.

Ὁ Βασιλεὺς Ἐδουάρδος καὶ ἀνέλαβεν ἐπὶ τῆς στιγμῆς τὴν διακυβέρνησιν.

Η ΜΕΤΑΦΟΡΑ ΤΟΥ ΝΕΚΡΟΥ
ΤΗΛΕΓΡΑΦΗΜΑ ΤΟΥ "ΣΚΡΙΠ,,

ΛΟΝΔΙΝΟΝ, 15 Ἰανουαρίου (δι' ἐμμέσου ὁδοῦ). Ὁ Γερμανικὸς στόλος θ' ἀποτελέσῃ τὴν τιμητικὴν ἀκολουθίαν τοῦ σκάφους τῆς Βικτωρίας ὅ ἐστι τὸ λείψανον τῆς ἀποθανούσης Βασιλίσσης ἀπὸ τοῦ Ὄσμπορν εἰς τὸ Πόρτσμουθ καὶ ἐκεῖθεν εἰς τὸ Λονδῖνον. Θὰ συνοδεύουν τὸν νεκρὸν οἱ στόλοι Γερμανίας, Γαλλίας, Ἰταλίας, Δανίας, Ρωσίας καὶ Πορτογαλλίας.
